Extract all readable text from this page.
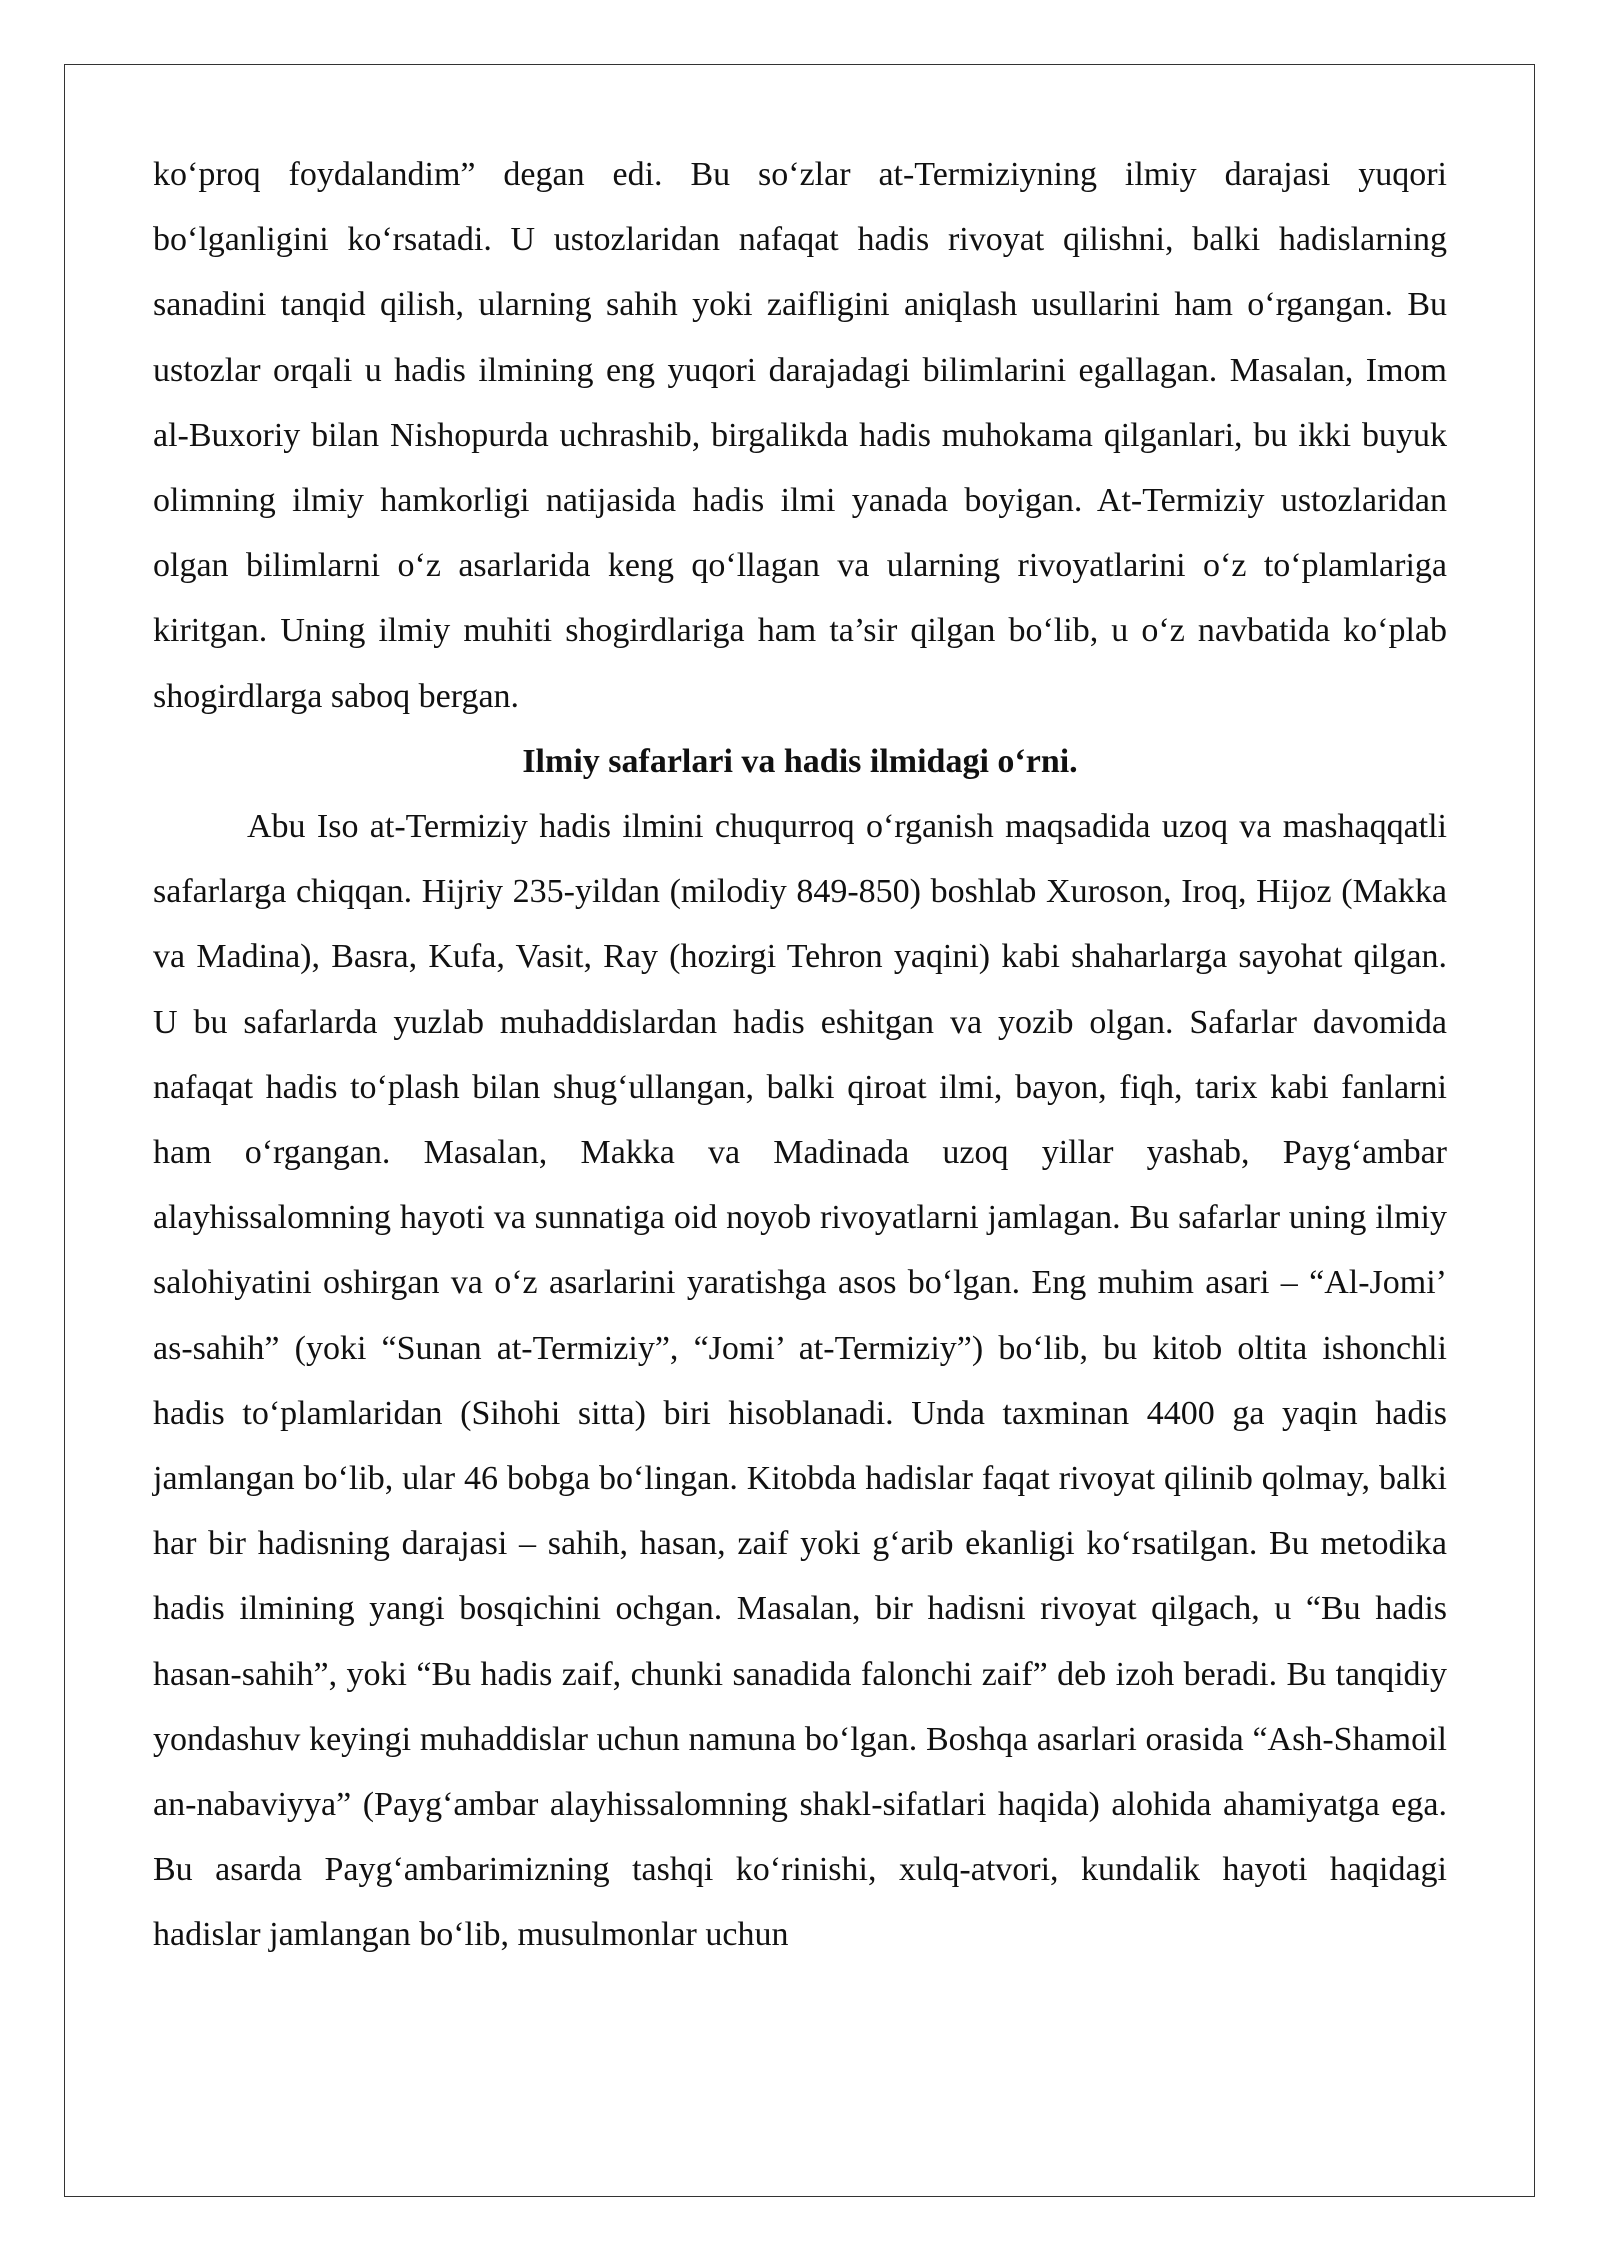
ko‘proq foydalandim” degan edi. Bu so‘zlar at-Termiziyning ilmiy darajasi yuqori bo‘lganligini ko‘rsatadi. U ustozlaridan nafaqat hadis rivoyat qilishni, balki hadislarning sanadini tanqid qilish, ularning sahih yoki zaifligini aniqlash usullarini ham o‘rgangan. Bu ustozlar orqali u hadis ilmining eng yuqori darajadagi bilimlarini egallagan. Masalan, Imom al-Buxoriy bilan Nishopurda uchrashib, birgalikda hadis muhokama qilganlari, bu ikki buyuk olimning ilmiy hamkorligi natijasida hadis ilmi yanada boyigan. At-Termiziy ustozlaridan olgan bilimlarni o‘z asarlarida keng qo‘llagan va ularning rivoyatlarini o‘z to‘plamlariga kiritgan. Uning ilmiy muhiti shogirdlariga ham ta’sir qilgan bo‘lib, u o‘z navbatida ko‘plab shogirdlarga saboq bergan.

Ilmiy safarlari va hadis ilmidagi o‘rni.

Abu Iso at-Termiziy hadis ilmini chuqurroq o‘rganish maqsadida uzoq va mashaqqatli safarlarga chiqqan. Hijriy 235-yildan (milodiy 849-850) boshlab Xuroson, Iroq, Hijoz (Makka va Madina), Basra, Kufa, Vasit, Ray (hozirgi Tehron yaqini) kabi shaharlarga sayohat qilgan. U bu safarlarda yuzlab muhaddislardan hadis eshitgan va yozib olgan. Safarlar davomida nafaqat hadis to‘plash bilan shug‘ullangan, balki qiroat ilmi, bayon, fiqh, tarix kabi fanlarni ham o‘rgangan. Masalan, Makka va Madinada uzoq yillar yashab, Payg‘ambar alayhissalomning hayoti va sunnatiga oid noyob rivoyatlarni jamlagan. Bu safarlar uning ilmiy salohiyatini oshirgan va o‘z asarlarini yaratishga asos bo‘lgan. Eng muhim asari – “Al-Jomi’ as-sahih” (yoki “Sunan at-Termiziy”, “Jomi’ at-Termiziy”) bo‘lib, bu kitob oltita ishonchli hadis to‘plamlaridan (Sihohi sitta) biri hisoblanadi. Unda taxminan 4400 ga yaqin hadis jamlangan bo‘lib, ular 46 bobga bo‘lingan. Kitobda hadislar faqat rivoyat qilinib qolmay, balki har bir hadisning darajasi – sahih, hasan, zaif yoki g‘arib ekanligi ko‘rsatilgan. Bu metodika hadis ilmining yangi bosqichini ochgan. Masalan, bir hadisni rivoyat qilgach, u “Bu hadis hasan-sahih”, yoki “Bu hadis zaif, chunki sanadida falonchi zaif” deb izoh beradi. Bu tanqidiy yondashuv keyingi muhaddislar uchun namuna bo‘lgan. Boshqa asarlari orasida “Ash-Shamoil an-nabaviyya” (Payg‘ambar alayhissalomning shakl-sifatlari haqida) alohida ahamiyatga ega. Bu asarda Payg‘ambarimizning tashqi ko‘rinishi, xulq-atvori, kundalik hayoti haqidagi hadislar jamlangan bo‘lib, musulmonlar uchun
